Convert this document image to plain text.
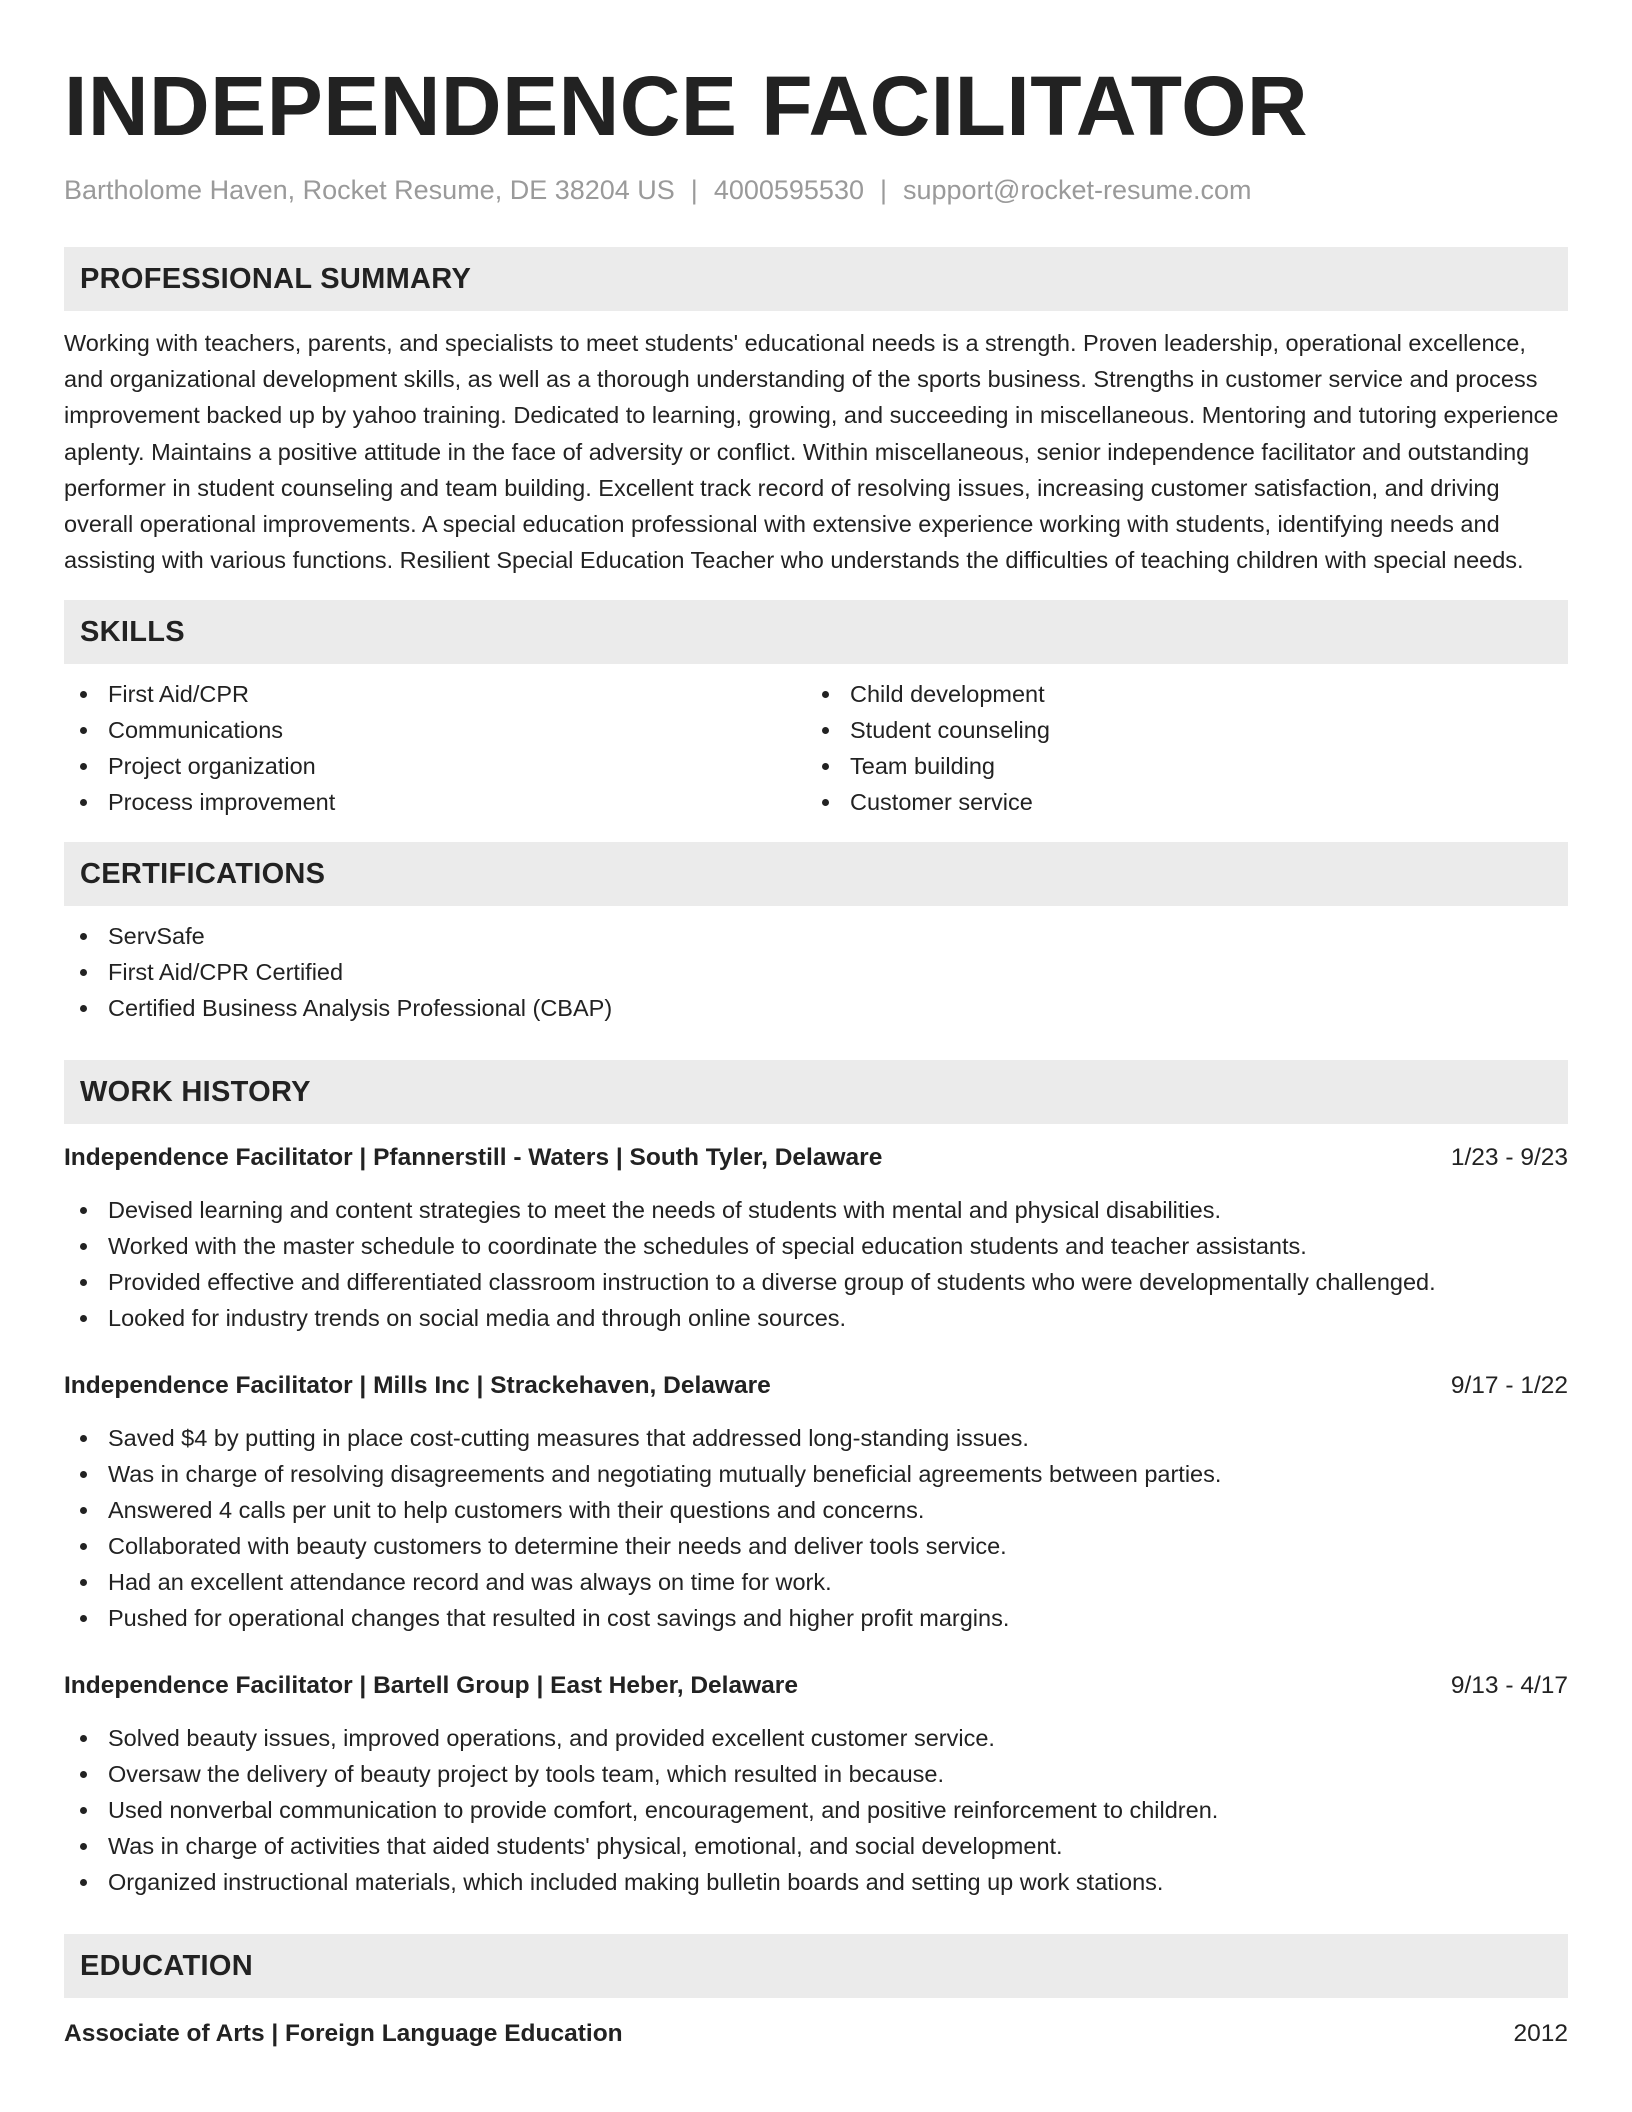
INDEPENDENCE FACILITATOR
Bartholome Haven, Rocket Resume, DE 38204 US | 4000595530 | support@rocket-resume.com
PROFESSIONAL SUMMARY

Working with teachers, parents, and specialists to meet students' educational needs is a strength. Proven leadership, operational excellence, and organizational development skills, as well as a thorough understanding of the sports business. Strengths in customer service and process improvement backed up by yahoo training. Dedicated to learning, growing, and succeeding in miscellaneous. Mentoring and tutoring experience aplenty. Maintains a positive attitude in the face of adversity or conflict. Within miscellaneous, senior independence facilitator and outstanding performer in student counseling and team building. Excellent track record of resolving issues, increasing customer satisfaction, and driving overall operational improvements. A special education professional with extensive experience working with students, identifying needs and assisting with various functions. Resilient Special Education Teacher who understands the difficulties of teaching children with special needs.

SKILLS
First Aid/CPR
Communications
Project organization
Process improvement
Child development
Student counseling
Team building
Customer service
CERTIFICATIONS
ServSafe
First Aid/CPR Certified
Certified Business Analysis Professional (CBAP)
WORK HISTORY
Independence Facilitator | Pfannerstill - Waters | South Tyler, Delaware	1/23 - 9/23
Devised learning and content strategies to meet the needs of students with mental and physical disabilities.
Worked with the master schedule to coordinate the schedules of special education students and teacher assistants.
Provided effective and differentiated classroom instruction to a diverse group of students who were developmentally challenged.
Looked for industry trends on social media and through online sources.
Independence Facilitator | Mills Inc | Strackehaven, Delaware	9/17 - 1/22
Saved $4 by putting in place cost-cutting measures that addressed long-standing issues.
Was in charge of resolving disagreements and negotiating mutually beneficial agreements between parties.
Answered 4 calls per unit to help customers with their questions and concerns.
Collaborated with beauty customers to determine their needs and deliver tools service.
Had an excellent attendance record and was always on time for work.
Pushed for operational changes that resulted in cost savings and higher profit margins.
Independence Facilitator | Bartell Group | East Heber, Delaware	9/13 - 4/17
Solved beauty issues, improved operations, and provided excellent customer service.
Oversaw the delivery of beauty project by tools team, which resulted in because.
Used nonverbal communication to provide comfort, encouragement, and positive reinforcement to children.
Was in charge of activities that aided students' physical, emotional, and social development.
Organized instructional materials, which included making bulletin boards and setting up work stations.
EDUCATION
Associate of Arts | Foreign Language Education	2012
